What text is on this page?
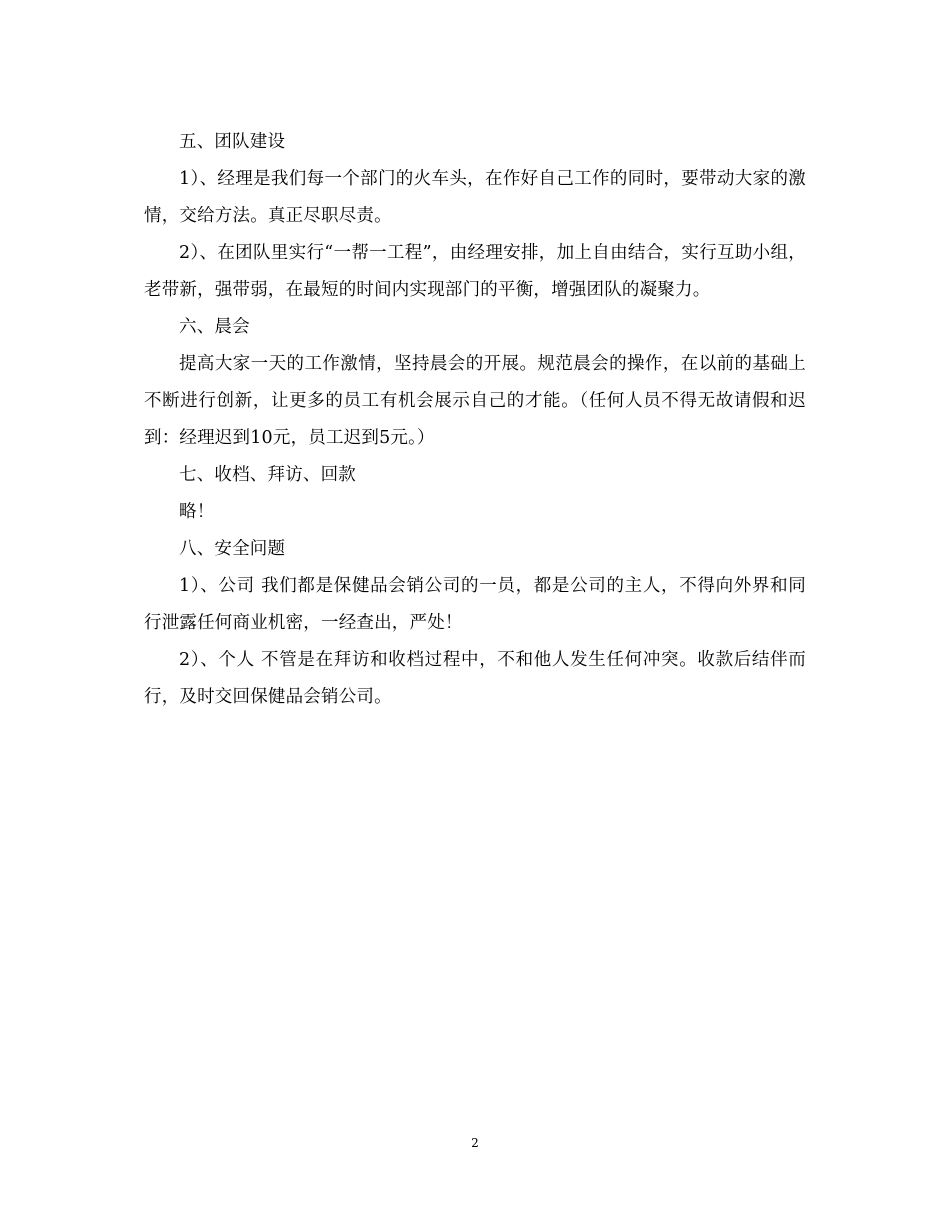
五、团队建设

1）、经理是我们每一个部门的火车头，在作好自己工作的同时，要带动大家的激情，交给方法。真正尽职尽责。

2）、在团队里实行“一帮一工程”，由经理安排，加上自由结合，实行互助小组，老带新，强带弱，在最短的时间内实现部门的平衡，增强团队的凝聚力。

六、晨会

提高大家一天的工作激情，坚持晨会的开展。规范晨会的操作，在以前的基础上不断进行创新，让更多的员工有机会展示自己的才能。（任何人员不得无故请假和迟到：经理迟到10元，员工迟到5元。）

七、收档、拜访、回款

略！

八、安全问题

1）、公司 我们都是保健品会销公司的一员，都是公司的主人，不得向外界和同行泄露任何商业机密，一经查出，严处！

2）、个人 不管是在拜访和收档过程中，不和他人发生任何冲突。收款后结伴而行，及时交回保健品会销公司。

2
